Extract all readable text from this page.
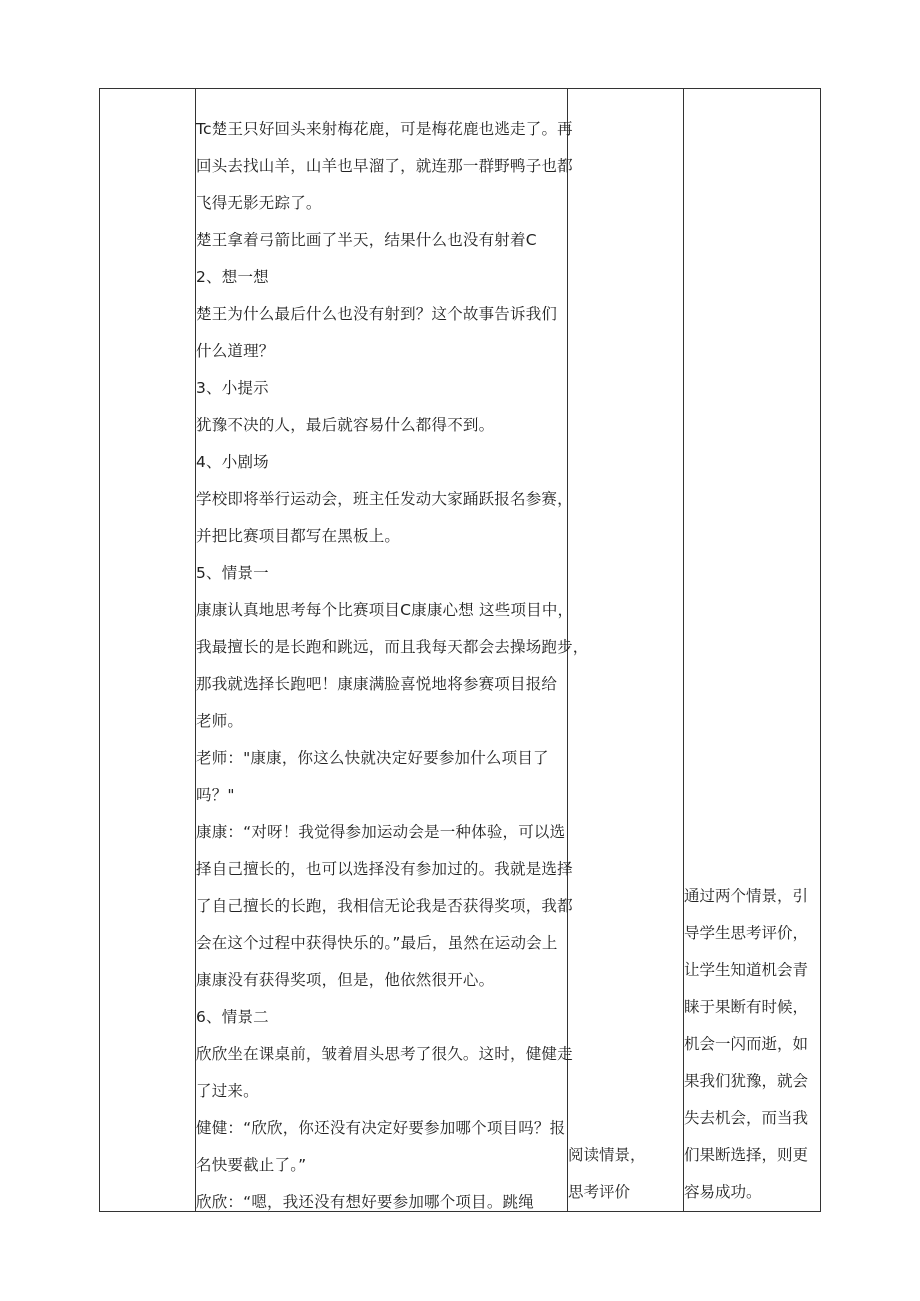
Tc楚王只好回头来射梅花鹿，可是梅花鹿也逃走了。再
回头去找山羊，山羊也早溜了，就连那一群野鸭子也都
飞得无影无踪了。
楚王拿着弓箭比画了半天，结果什么也没有射着C
2、想一想
楚王为什么最后什么也没有射到？这个故事告诉我们
什么道理？
3、小提示
犹豫不决的人，最后就容易什么都得不到。
4、小剧场
学校即将举行运动会，班主任发动大家踊跃报名参赛，
并把比赛项目都写在黑板上。
5、情景一
康康认真地思考每个比赛项目C康康心想 这些项目中，
我最擅长的是长跑和跳远，而且我每天都会去操场跑步，
那我就选择长跑吧！康康满脸喜悦地将参赛项目报给
老师。
老师："康康，你这么快就决定好要参加什么项目了
吗？"
康康：“对呀！我觉得参加运动会是一种体验，可以选
择自己擅长的，也可以选择没有参加过的。我就是选择
了自己擅长的长跑，我相信无论我是否获得奖项，我都
会在这个过程中获得快乐的。”最后，虽然在运动会上
康康没有获得奖项，但是，他依然很开心。
6、情景二
欣欣坐在课桌前，皱着眉头思考了很久。这时，健健走
了过来。
健健：“欣欣，你还没有决定好要参加哪个项目吗？报
名快要截止了。”
欣欣：“嗯，我还没有想好要参加哪个项目。跳绳
阅读情景，
思考评价
通过两个情景，引
导学生思考评价，
让学生知道机会青
睐于果断有时候，
机会一闪而逝，如
果我们犹豫，就会
失去机会，而当我
们果断选择，则更
容易成功。
